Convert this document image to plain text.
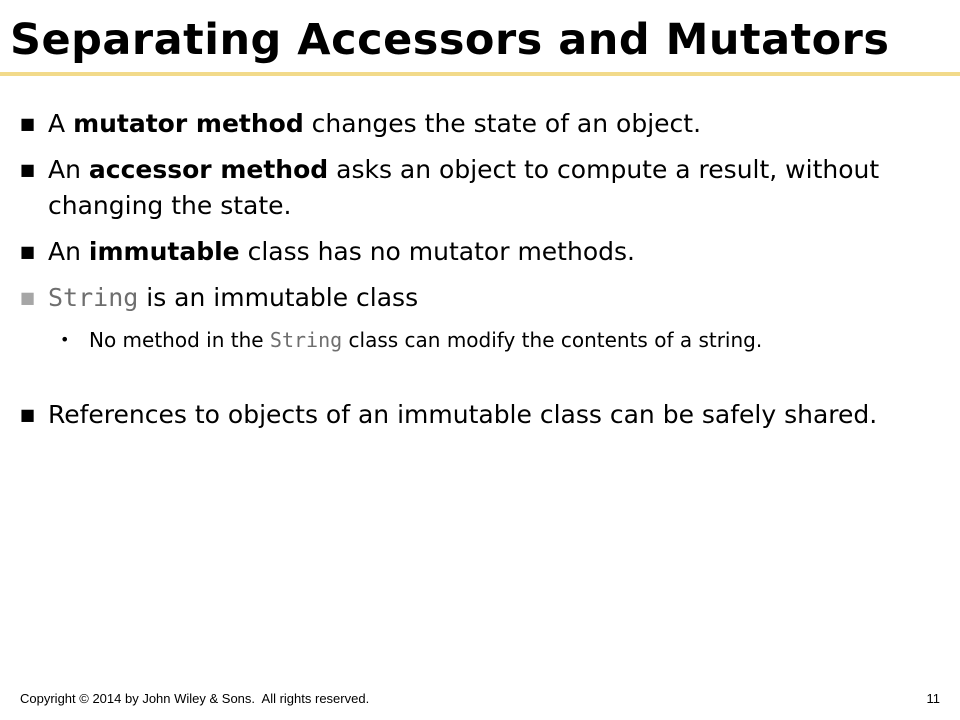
Separating Accessors and Mutators
■ A mutator method changes the state of an object.
■ An accessor method asks an object to compute a result, without changing the state.
■ An immutable class has no mutator methods.
■ String is an immutable class
• No method in the String class can modify the contents of a string.
■ References to objects of an immutable class can be safely shared.
Copyright © 2014 by John Wiley & Sons.  All rights reserved.	11
